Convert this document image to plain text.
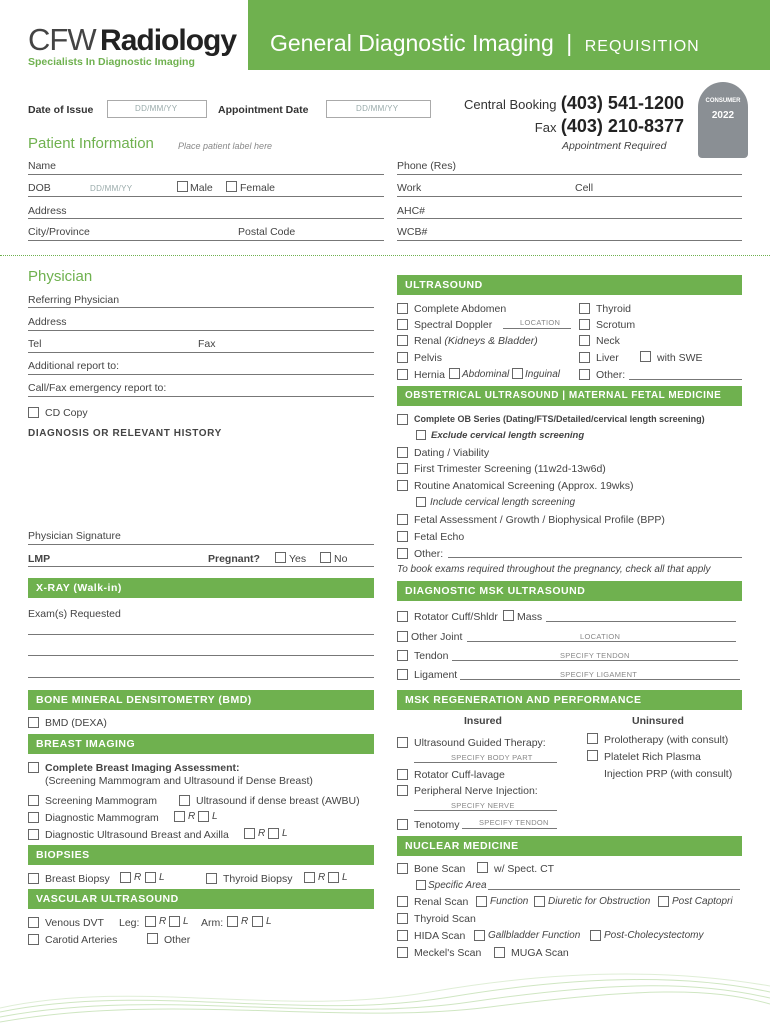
CFW Radiology
Specialists In Diagnostic Imaging
General Diagnostic Imaging | REQUISITION
Date of Issue	DD/MM/YY	Appointment Date	DD/MM/YY	Central Booking (403) 541-1200
Fax (403) 210-8377
Appointment Required
CONSUMER
2022
Patient Information	Place patient label here
Name	Phone (Res)
DOB	DD/MM/YY	Male	Female	Work	Cell
Address	AHC#
City/Province	Postal Code	WCB#
Physician
Referring Physician
Address
Tel	Fax
Additional report to:
Call/Fax emergency report to:
CD Copy
DIAGNOSIS OR RELEVANT HISTORY
Physician Signature
LMP	Pregnant?	Yes	No
X-RAY (Walk-in)
Exam(s) Requested
BONE MINERAL DENSITOMETRY (BMD)
BMD (DEXA)
BREAST IMAGING
Complete Breast Imaging Assessment:
(Screening Mammogram and Ultrasound if Dense Breast)
Screening Mammogram	Ultrasound if dense breast (AWBU)
Diagnostic Mammogram	R L
Diagnostic Ultrasound Breast and Axilla	R L
BIOPSIES
Breast Biopsy R L	Thyroid Biopsy	R L
VASCULAR ULTRASOUND
Venous DVT Leg: R L Arm: R L
Carotid Arteries	Other
ULTRASOUND
Complete Abdomen
Spectral Doppler	LOCATION
Renal (Kidneys & Bladder)
Pelvis
Hernia Abdominal Inguinal
Thyroid
Scrotum
Neck
Liver	with SWE
Other:
OBSTETRICAL ULTRASOUND | MATERNAL FETAL MEDICINE
Complete OB Series (Dating/FTS/Detailed/cervical length screening)
Exclude cervical length screening
Dating / Viability
First Trimester Screening (11w2d-13w6d)
Routine Anatomical Screening (Approx. 19wks)
Include cervical length screening
Fetal Assessment / Growth / Biophysical Profile (BPP)
Fetal Echo
Other:
To book exams required throughout the pregnancy, check all that apply
DIAGNOSTIC MSK ULTRASOUND
Rotator Cuff/Shldr Mass
Other Joint	LOCATION
Tendon	SPECIFY TENDON
Ligament	SPECIFY LIGAMENT
MSK REGENERATION AND PERFORMANCE
Insured	Uninsured
Ultrasound Guided Therapy:
SPECIFY BODY PART
Rotator Cuff-lavage
Peripheral Nerve Injection:
SPECIFY NERVE
Tenotomy	SPECIFY TENDON
Prolotherapy (with consult)
Platelet Rich Plasma
Injection PRP (with consult)
NUCLEAR MEDICINE
Bone Scan	w/ Spect. CT
Specific Area
Renal Scan Function Diuretic for Obstruction Post Captopri
Thyroid Scan
HIDA Scan Gallbladder Function Post-Cholecystectomy
Meckel's Scan	MUGA Scan
